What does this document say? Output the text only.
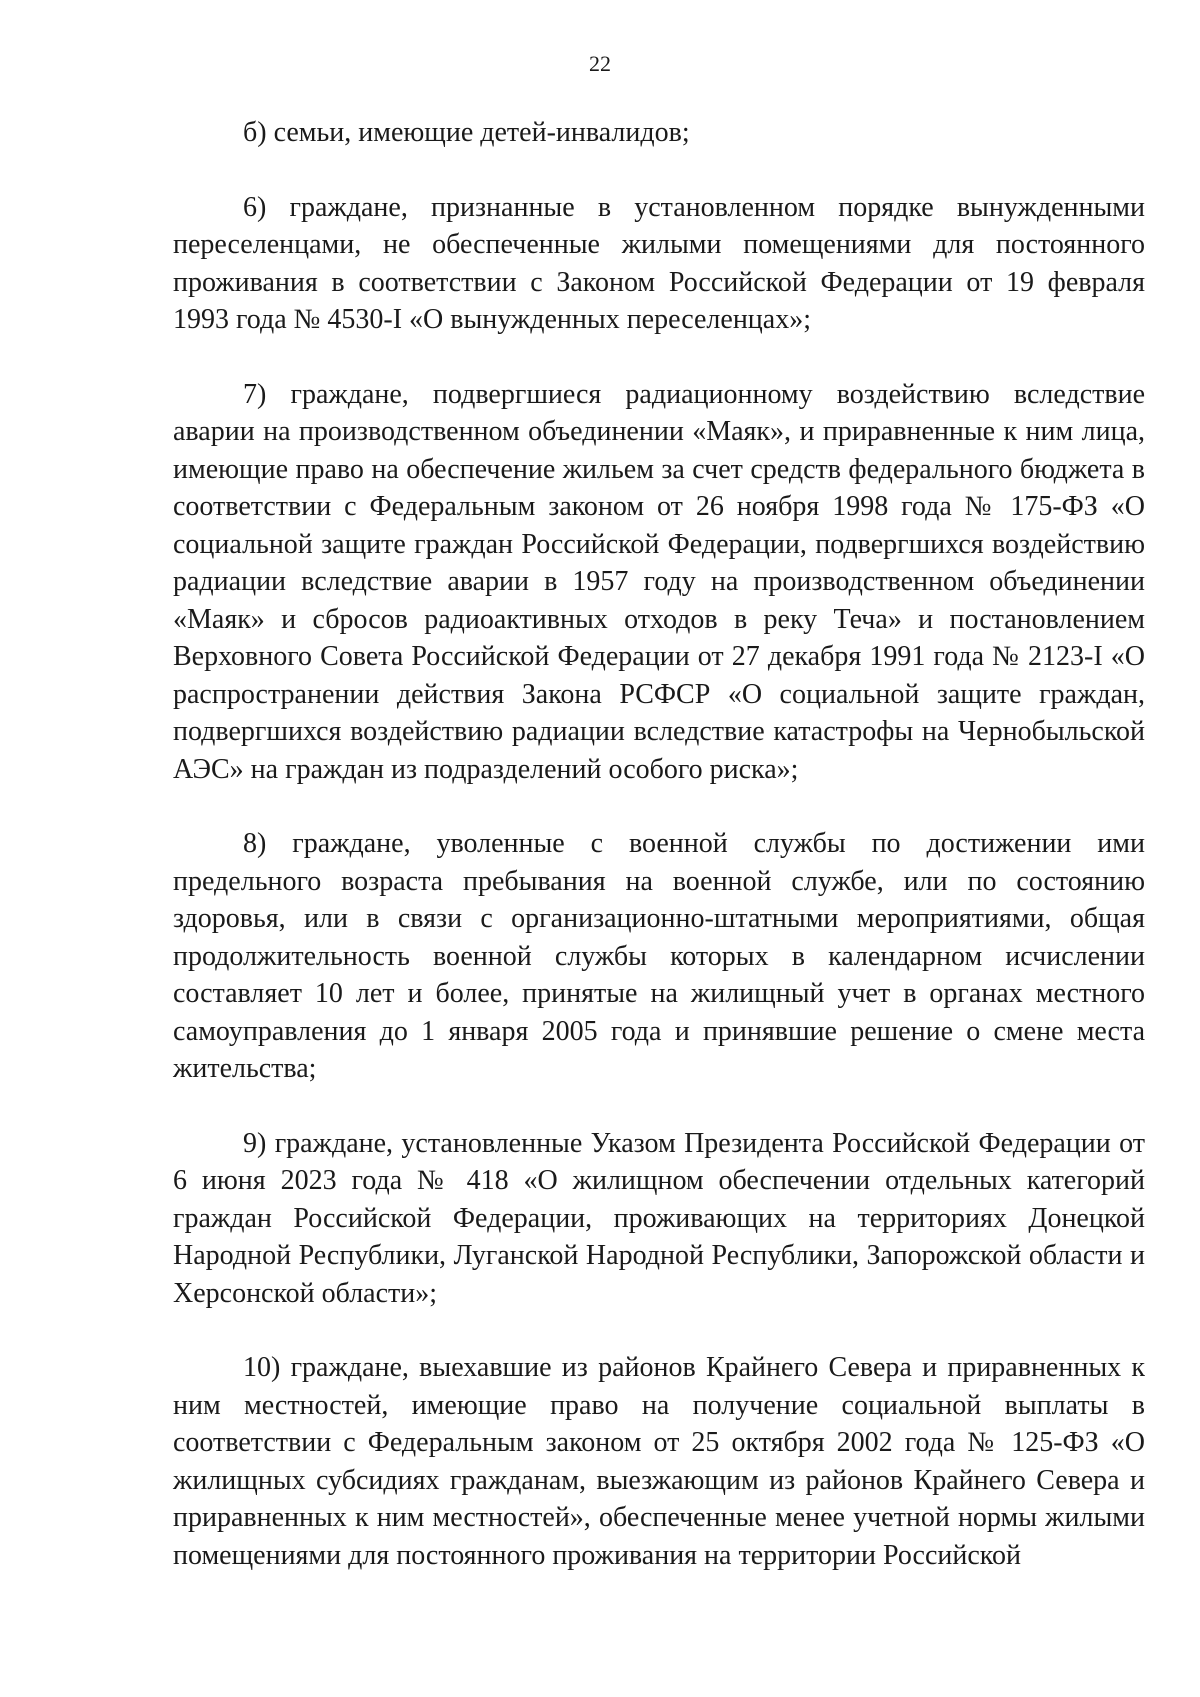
22

б) семьи, имеющие детей-инвалидов;

6) граждане, признанные в установленном порядке вынужденными переселенцами, не обеспеченные жилыми помещениями для постоянного проживания в соответствии с Законом Российской Федерации от 19 февраля 1993 года № 4530-I «О вынужденных переселенцах»;

7) граждане, подвергшиеся радиационному воздействию вследствие аварии на производственном объединении «Маяк», и приравненные к ним лица, имеющие право на обеспечение жильем за счет средств федерального бюджета в соответствии с Федеральным законом от 26 ноября 1998 года № 175-ФЗ «О социальной защите граждан Российской Федерации, подвергшихся воздействию радиации вследствие аварии в 1957 году на производственном объединении «Маяк» и сбросов радиоактивных отходов в реку Теча» и постановлением Верховного Совета Российской Федерации от 27 декабря 1991 года № 2123-I «О распространении действия Закона РСФСР «О социальной защите граждан, подвергшихся воздействию радиации вследствие катастрофы на Чернобыльской АЭС» на граждан из подразделений особого риска»;

8) граждане, уволенные с военной службы по достижении ими предельного возраста пребывания на военной службе, или по состоянию здоровья, или в связи с организационно-штатными мероприятиями, общая продолжительность военной службы которых в календарном исчислении составляет 10 лет и более, принятые на жилищный учет в органах местного самоуправления до 1 января 2005 года и принявшие решение о смене места жительства;

9) граждане, установленные Указом Президента Российской Федерации от 6 июня 2023 года № 418 «О жилищном обеспечении отдельных категорий граждан Российской Федерации, проживающих на территориях Донецкой Народной Республики, Луганской Народной Республики, Запорожской области и Херсонской области»;

10) граждане, выехавшие из районов Крайнего Севера и приравненных к ним местностей, имеющие право на получение социальной выплаты в соответствии с Федеральным законом от 25 октября 2002 года № 125-ФЗ «О жилищных субсидиях гражданам, выезжающим из районов Крайнего Севера и приравненных к ним местностей», обеспеченные менее учетной нормы жилыми помещениями для постоянного проживания на территории Российской
